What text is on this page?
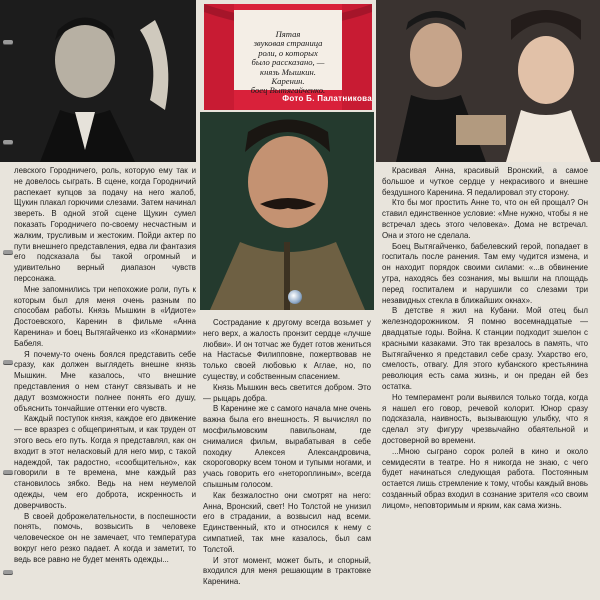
Пятая
звуковая страница
роли, о которых
было рассказано, —
князь Мышкин.
Каренин.
боец Вытягайченко.
Фото Б. Палатникова

левского Городничего, роль, которую ему так и не довелось сыграть. В сцене, когда Городничий распекает купцов за подачу на него жалоб, Щукин плакал горючими слезами. Затем начинал звереть. В одной этой сцене Щукин сумел показать Городничего по-своему несчастным и жалким, трусливым и жестоким. Пойди актер по пути внешнего представления, едва ли фантазия его подсказала бы такой огромный и удивительно верный диапазон чувств персонажа.

Мне запомнились три непохожие роли, путь к которым был для меня очень разным по способам работы. Князь Мышкин в «Идиоте» Достоевского, Каренин в фильме «Анна Каренина» и боец Вытягайченко из «Конармии» Бабеля.

Я почему-то очень боялся представить себе сразу, как должен выглядеть внешне князь Мышкин. Мне казалось, что внешние представления о нем станут связывать и не дадут возможности полнее понять его душу, объяснить тончайшие оттенки его чувств.

Каждый поступок князя, каждое его движение — все вразрез с общепринятым, и как труден от этого весь его путь. Когда я представлял, как он входит в этот неласковый для него мир, с такой надеждой, так радостно, «сообщительно», как говорили в те времена, мне каждый раз становилось зябко. Ведь на нем неумелой одежды, чем его доброта, искренность и доверчивость.

В своей доброжелательности, в поспешности понять, помочь, возвысить в человеке человеческое он не замечает, что температура вокруг него резко падает. А когда и заметит, то ведь все равно не будет менять одежды...

Сострадание к другому всегда возьмет у него верх, а жалость пронзит сердце «лучше любви». И он тотчас же будет готов жениться на Настасье Филипповне, пожертвовав не только своей любовью к Аглае, но, по существу, и собственным спасением.

Князь Мышкин весь светится добром. Это — рыцарь добра.

В Каренине же с самого начала мне очень важна была его внешность. Я вычислял по мосфильмовским павильонам, где снималися фильм, вырабатывая в себе походку Алексея Александровича, скороговорку всем тоном и тупыми ногами, и учась говорить его «нетороплиным», всегда спышным голосом.

Как безжалостно они смотрят на него: Анна, Вронский, свет! Но Толстой не унизил его в страдании, а возвысил над всеми. Единственный, кто и относился к нему с симпатией, так мне казалось, был сам Толстой.

И этот момент, может быть, и спорный, входился для меня решающим в трактовке Каренина.

Красивая Анна, красивый Вронский, а самое большое и чуткое сердце у некрасивого и внешне бездушного Каренина. Я педалировал эту сторону.

Кто бы мог простить Анне то, что он ей прощал? Он ставил единственное условие: «Мне нужно, чтобы я не встречал здесь этого человека». Дома не встречал. Она и этого не сделала.

Боец Вытягайченко, бабелевский герой, попадает в госпиталь после ранения. Там ему чудится измена, и он находит порядок своими силами: «...в обвинение утра, находясь без сознания, мы вышли на площадь перед госпиталем и нарушили со слезами три незавидных стекла в ближайших окнах».

В детстве я жил на Кубани. Мой отец был железнодорожником. Я помню восемнадцатые — двадцатые годы. Война. К станции подходит эшелон с красными казаками. Это так врезалось в память, что Вытягайченко я представил себе сразу. Ухарство его, смелость, отвагу. Для этого кубанского крестьянина революция есть сама жизнь, и он предан ей без остатка.

Но темперамент роли выявился только тогда, когда я нашел его говор, речевой колорит. Юнор сразу подсказала, наивность, вызывающую улыбку, что я сделал эту фигуру чрезвычайно обаятельной и достоверной во времени.

...Мною сыграно сорок ролей в кино и около семидесяти в театре. Но я никогда не знаю, с чего будет начинаться следующая работа. Постоянным остается лишь стремление к тому, чтобы каждый вновь созданный образ входил в сознание зрителя «со своим лицом», неповторимым и ярким, как сама жизнь.
